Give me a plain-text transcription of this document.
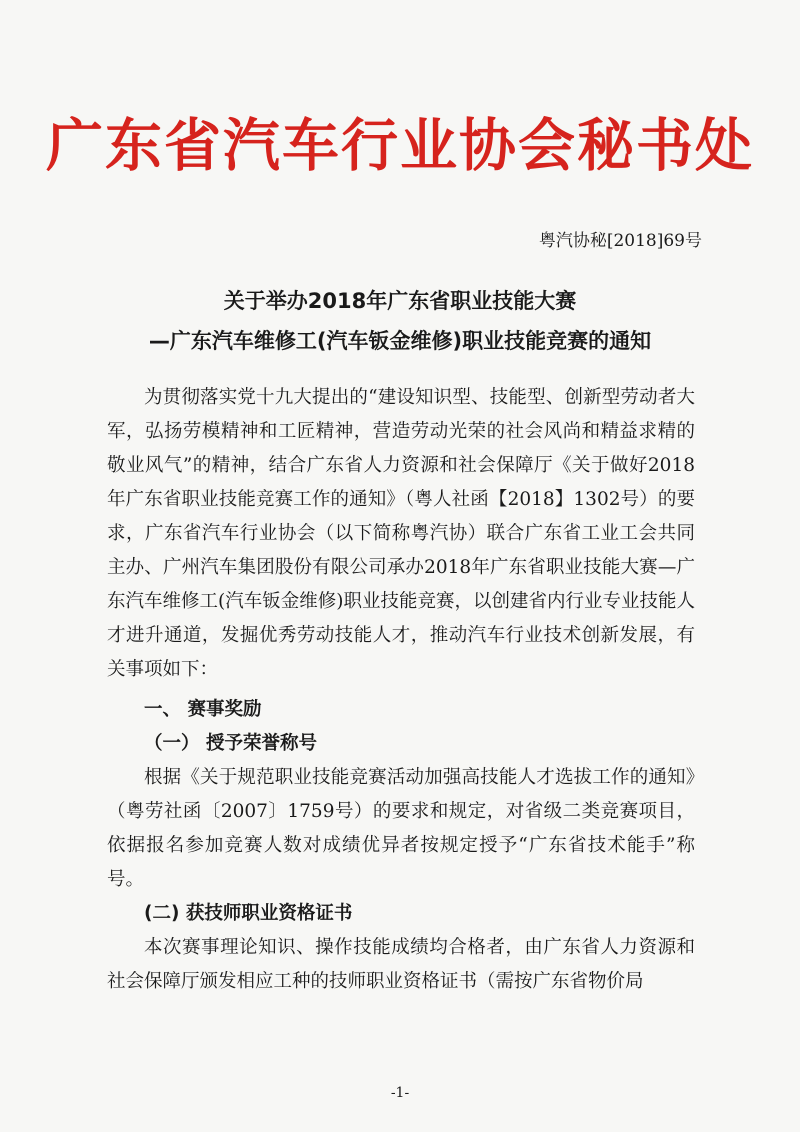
广东省汽车行业协会秘书处
粤汽协秘[2018]69号
关于举办2018年广东省职业技能大赛
—广东汽车维修工(汽车钣金维修)职业技能竞赛的通知

为贯彻落实党十九大提出的“建设知识型、技能型、创新型劳动者大军，弘扬劳模精神和工匠精神，营造劳动光荣的社会风尚和精益求精的敬业风气”的精神，结合广东省人力资源和社会保障厅《关于做好2018年广东省职业技能竞赛工作的通知》（粤人社函【2018】1302号）的要求，广东省汽车行业协会（以下简称粤汽协）联合广东省工业工会共同主办、广州汽车集团股份有限公司承办2018年广东省职业技能大赛—广东汽车维修工(汽车钣金维修)职业技能竞赛，以创建省内行业专业技能人才进升通道，发掘优秀劳动技能人才，推动汽车行业技术创新发展，有关事项如下：

一、 赛事奖励

（一） 授予荣誉称号

根据《关于规范职业技能竞赛活动加强高技能人才选拔工作的通知》（粤劳社函〔2007〕1759号）的要求和规定，对省级二类竞赛项目，依据报名参加竞赛人数对成绩优异者按规定授予“广东省技术能手”称号。

(二) 获技师职业资格证书

本次赛事理论知识、操作技能成绩均合格者，由广东省人力资源和社会保障厅颁发相应工种的技师职业资格证书（需按广东省物价局

-1-
